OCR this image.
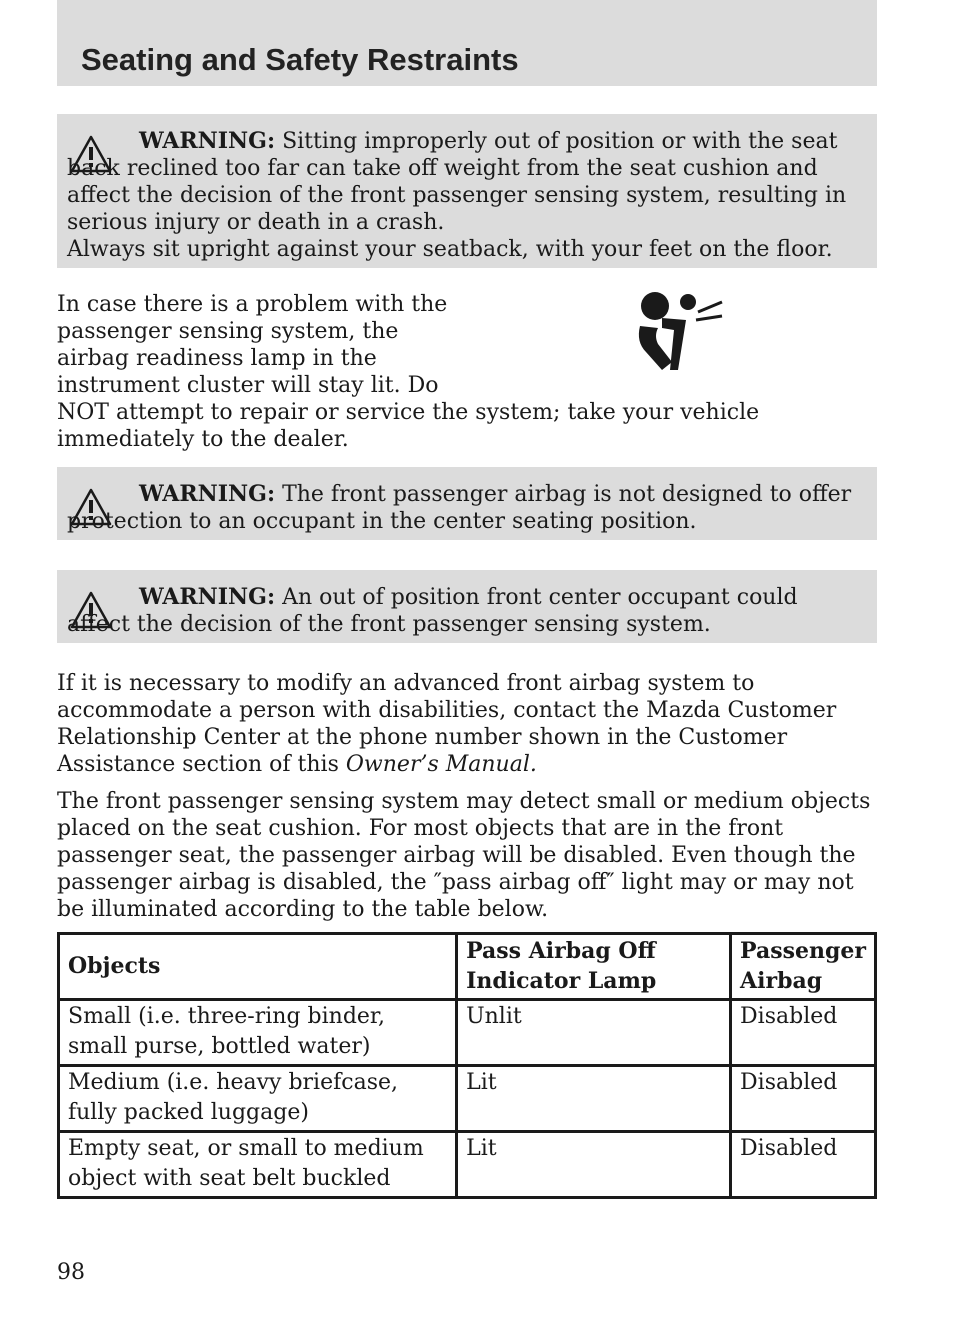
Seating and Safety Restraints
WARNING: Sitting improperly out of position or with the seat back reclined too far can take off weight from the seat cushion and affect the decision of the front passenger sensing system, resulting in serious injury or death in a crash.
Always sit upright against your seatback, with your feet on the floor.
In case there is a problem with the
passenger sensing system, the
airbag readiness lamp in the
instrument cluster will stay lit. Do
NOT attempt to repair or service the system; take your vehicle
immediately to the dealer.
WARNING: The front passenger airbag is not designed to offer protection to an occupant in the center seating position.
WARNING: An out of position front center occupant could affect the decision of the front passenger sensing system.
If it is necessary to modify an advanced front airbag system to accommodate a person with disabilities, contact the Mazda Customer Relationship Center at the phone number shown in the Customer Assistance section of this Owner’s Manual.
The front passenger sensing system may detect small or medium objects placed on the seat cushion. For most objects that are in the front passenger seat, the passenger airbag will be disabled. Even though the passenger airbag is disabled, the ″pass airbag off″ light may or may not be illuminated according to the table below.
Objects	Pass Airbag Off Indicator Lamp	Passenger Airbag
Small (i.e. three-ring binder, small purse, bottled water)	Unlit	Disabled
Medium (i.e. heavy briefcase, fully packed luggage)	Lit	Disabled
Empty seat, or small to medium object with seat belt buckled	Lit	Disabled
98
